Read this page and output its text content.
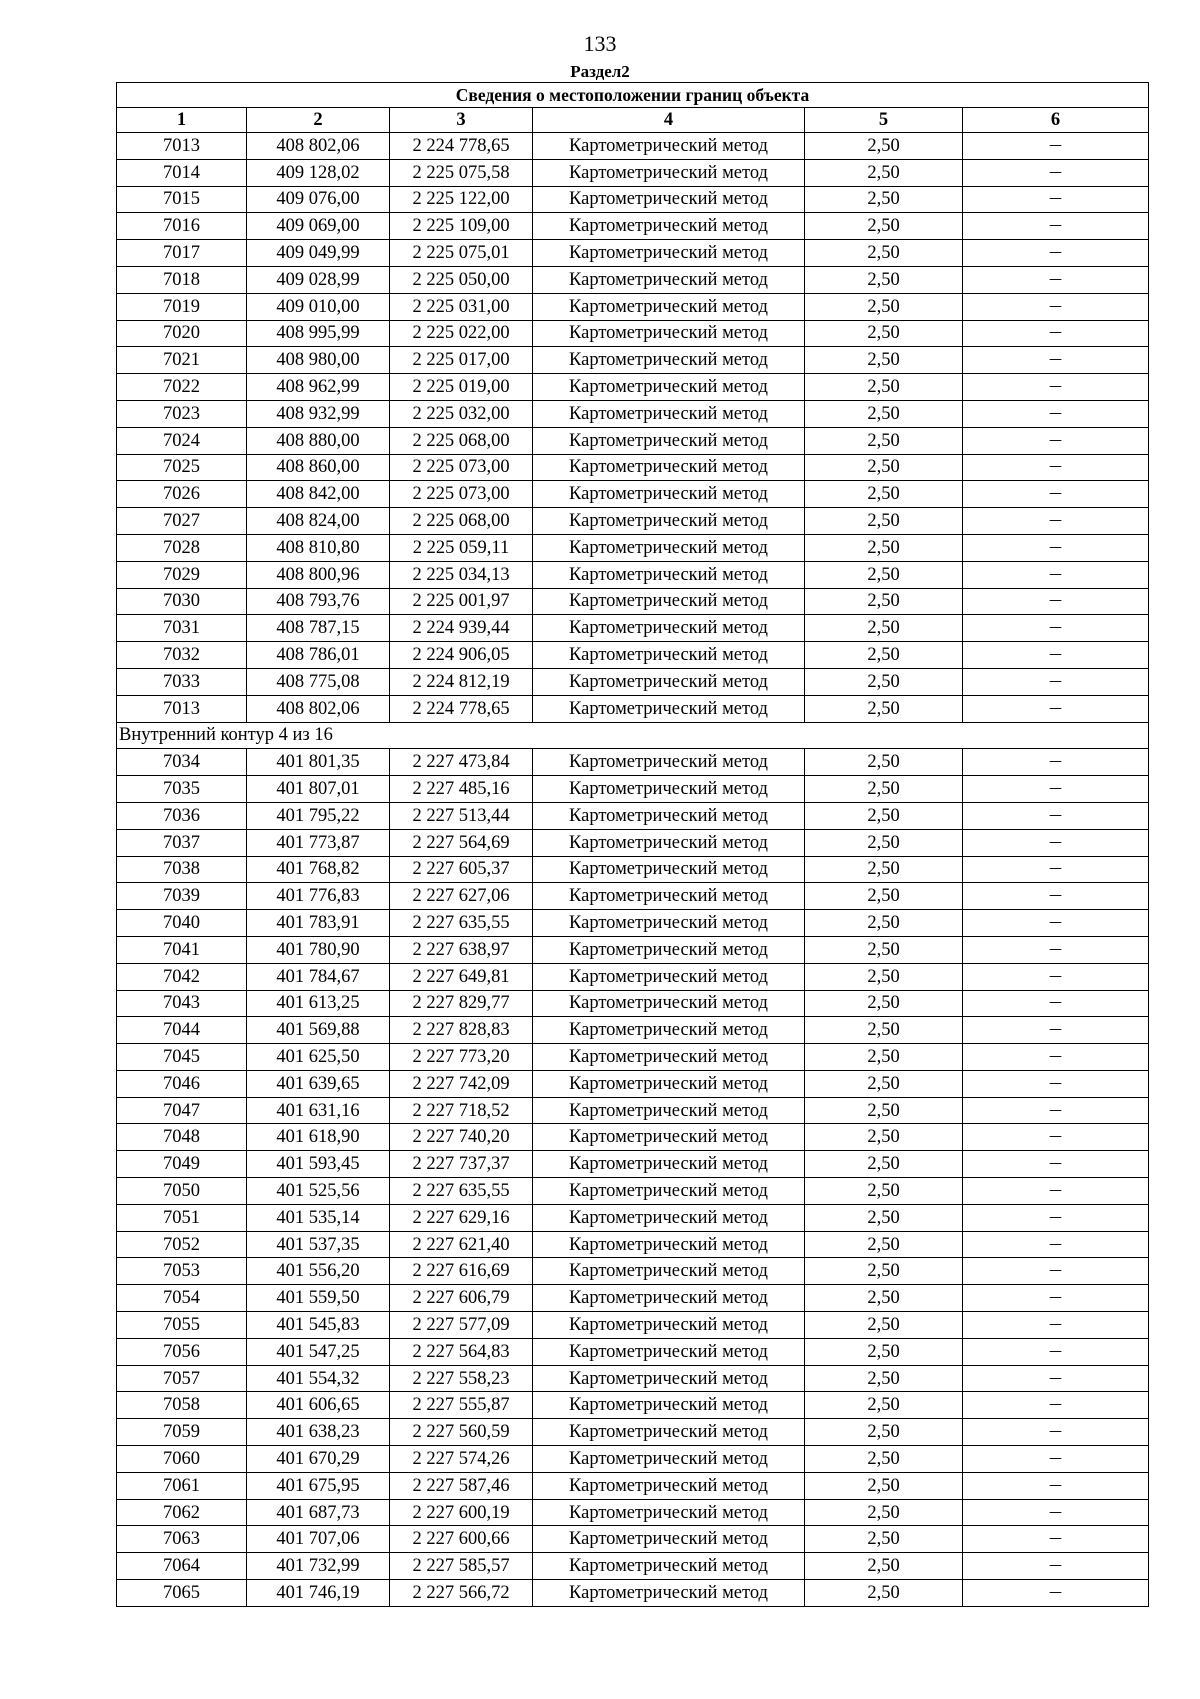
133
Раздел2
Сведения о местоположении границ объекта					
1	2	3	4	5	6
7013	408 802,06	2 224 778,65	Картометрический метод	2,50	—
7014	409 128,02	2 225 075,58	Картометрический метод	2,50	—
7015	409 076,00	2 225 122,00	Картометрический метод	2,50	—
7016	409 069,00	2 225 109,00	Картометрический метод	2,50	—
7017	409 049,99	2 225 075,01	Картометрический метод	2,50	—
7018	409 028,99	2 225 050,00	Картометрический метод	2,50	—
7019	409 010,00	2 225 031,00	Картометрический метод	2,50	—
7020	408 995,99	2 225 022,00	Картометрический метод	2,50	—
7021	408 980,00	2 225 017,00	Картометрический метод	2,50	—
7022	408 962,99	2 225 019,00	Картометрический метод	2,50	—
7023	408 932,99	2 225 032,00	Картометрический метод	2,50	—
7024	408 880,00	2 225 068,00	Картометрический метод	2,50	—
7025	408 860,00	2 225 073,00	Картометрический метод	2,50	—
7026	408 842,00	2 225 073,00	Картометрический метод	2,50	—
7027	408 824,00	2 225 068,00	Картометрический метод	2,50	—
7028	408 810,80	2 225 059,11	Картометрический метод	2,50	—
7029	408 800,96	2 225 034,13	Картометрический метод	2,50	—
7030	408 793,76	2 225 001,97	Картометрический метод	2,50	—
7031	408 787,15	2 224 939,44	Картометрический метод	2,50	—
7032	408 786,01	2 224 906,05	Картометрический метод	2,50	—
7033	408 775,08	2 224 812,19	Картометрический метод	2,50	—
7013	408 802,06	2 224 778,65	Картометрический метод	2,50	—
Внутренний контур 4 из 16					
7034	401 801,35	2 227 473,84	Картометрический метод	2,50	—
7035	401 807,01	2 227 485,16	Картометрический метод	2,50	—
7036	401 795,22	2 227 513,44	Картометрический метод	2,50	—
7037	401 773,87	2 227 564,69	Картометрический метод	2,50	—
7038	401 768,82	2 227 605,37	Картометрический метод	2,50	—
7039	401 776,83	2 227 627,06	Картометрический метод	2,50	—
7040	401 783,91	2 227 635,55	Картометрический метод	2,50	—
7041	401 780,90	2 227 638,97	Картометрический метод	2,50	—
7042	401 784,67	2 227 649,81	Картометрический метод	2,50	—
7043	401 613,25	2 227 829,77	Картометрический метод	2,50	—
7044	401 569,88	2 227 828,83	Картометрический метод	2,50	—
7045	401 625,50	2 227 773,20	Картометрический метод	2,50	—
7046	401 639,65	2 227 742,09	Картометрический метод	2,50	—
7047	401 631,16	2 227 718,52	Картометрический метод	2,50	—
7048	401 618,90	2 227 740,20	Картометрический метод	2,50	—
7049	401 593,45	2 227 737,37	Картометрический метод	2,50	—
7050	401 525,56	2 227 635,55	Картометрический метод	2,50	—
7051	401 535,14	2 227 629,16	Картометрический метод	2,50	—
7052	401 537,35	2 227 621,40	Картометрический метод	2,50	—
7053	401 556,20	2 227 616,69	Картометрический метод	2,50	—
7054	401 559,50	2 227 606,79	Картометрический метод	2,50	—
7055	401 545,83	2 227 577,09	Картометрический метод	2,50	—
7056	401 547,25	2 227 564,83	Картометрический метод	2,50	—
7057	401 554,32	2 227 558,23	Картометрический метод	2,50	—
7058	401 606,65	2 227 555,87	Картометрический метод	2,50	—
7059	401 638,23	2 227 560,59	Картометрический метод	2,50	—
7060	401 670,29	2 227 574,26	Картометрический метод	2,50	—
7061	401 675,95	2 227 587,46	Картометрический метод	2,50	—
7062	401 687,73	2 227 600,19	Картометрический метод	2,50	—
7063	401 707,06	2 227 600,66	Картометрический метод	2,50	—
7064	401 732,99	2 227 585,57	Картометрический метод	2,50	—
7065	401 746,19	2 227 566,72	Картометрический метод	2,50	—
